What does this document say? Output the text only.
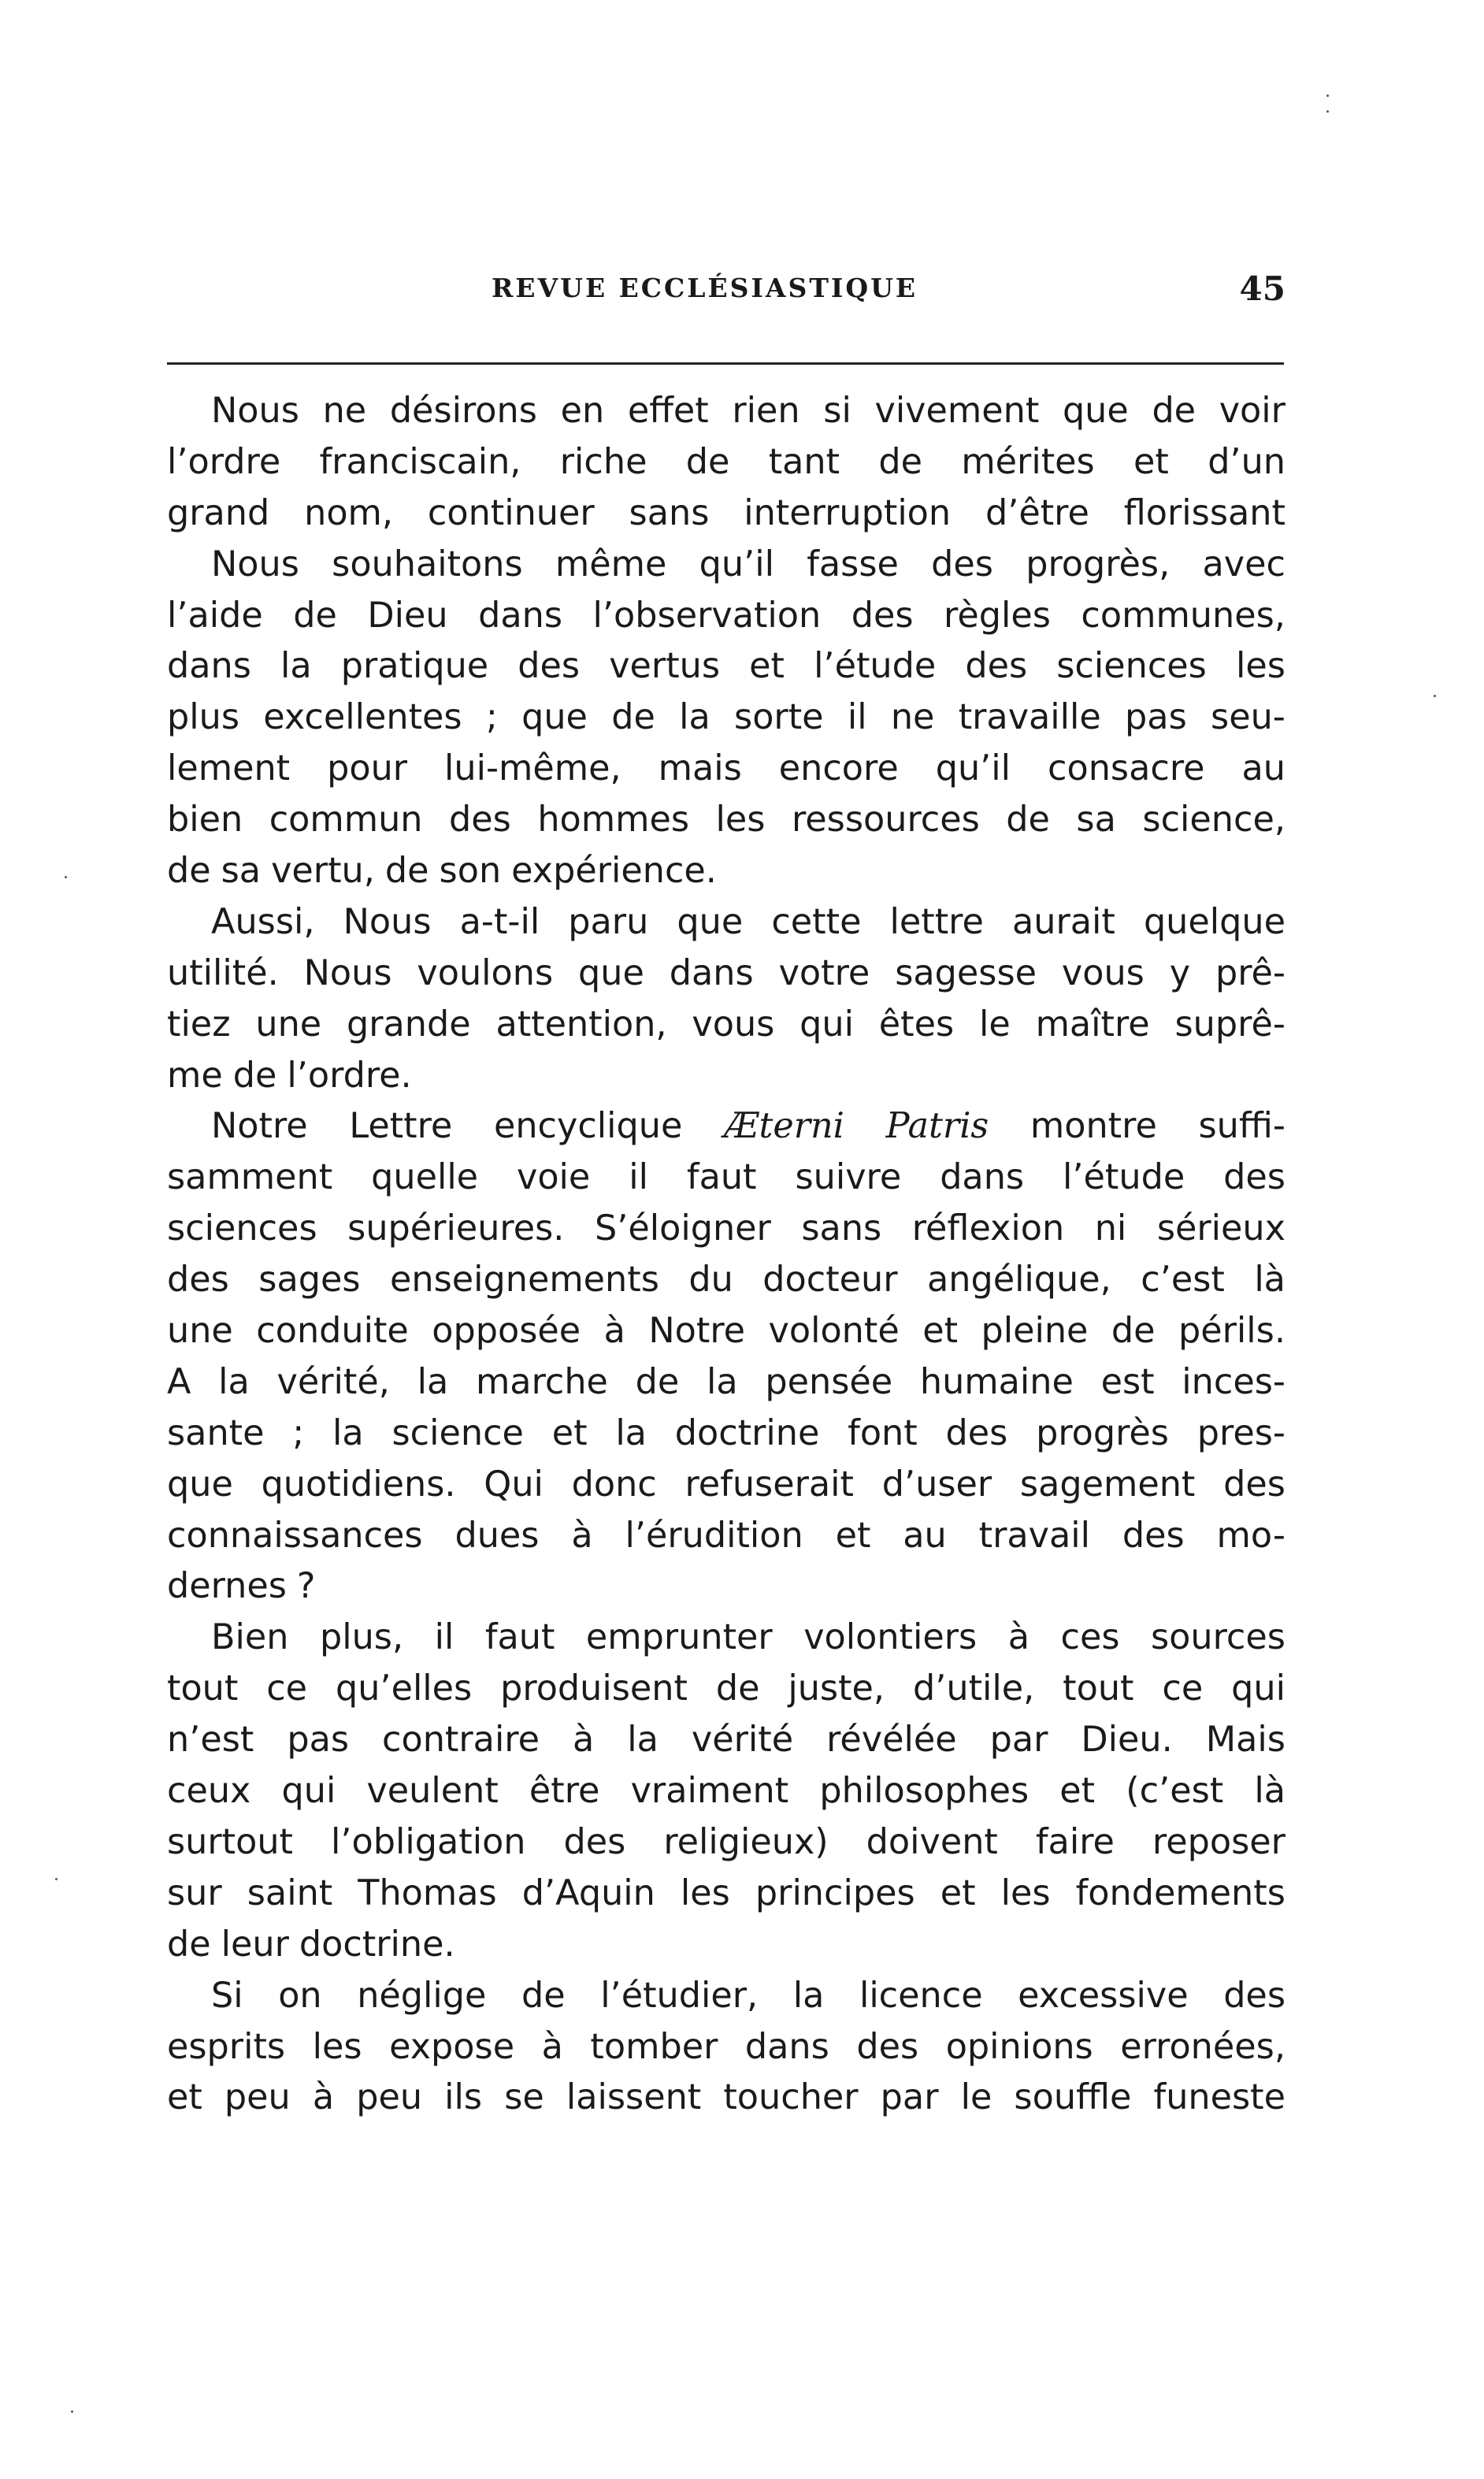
REVUE ECCLÉSIASTIQUE	45
Nous ne désirons en effet rien si vivement que de voir
l’ordre franciscain, riche de tant de mérites et d’un
grand nom, continuer sans interruption d’être florissant
Nous souhaitons même qu’il fasse des progrès, avec
l’aide de Dieu dans l’observation des règles communes,
dans la pratique des vertus et l’étude des sciences les
plus excellentes ; que de la sorte il ne travaille pas seu-
lement pour lui-même, mais encore qu’il consacre au
bien commun des hommes les ressources de sa science,
de sa vertu, de son expérience.
Aussi, Nous a-t-il paru que cette lettre aurait quelque
utilité. Nous voulons que dans votre sagesse vous y prê-
tiez une grande attention, vous qui êtes le maître suprê-
me de l’ordre.
Notre Lettre encyclique Æterni Patris montre suffi-
samment quelle voie il faut suivre dans l’étude des
sciences supérieures. S’éloigner sans réflexion ni sérieux
des sages enseignements du docteur angélique, c’est là
une conduite opposée à Notre volonté et pleine de périls.
A la vérité, la marche de la pensée humaine est inces-
sante ; la science et la doctrine font des progrès pres-
que quotidiens. Qui donc refuserait d’user sagement des
connaissances dues à l’érudition et au travail des mo-
dernes ?
Bien plus, il faut emprunter volontiers à ces sources
tout ce qu’elles produisent de juste, d’utile, tout ce qui
n’est pas contraire à la vérité révélée par Dieu. Mais
ceux qui veulent être vraiment philosophes et (c’est là
surtout l’obligation des religieux) doivent faire reposer
sur saint Thomas d’Aquin les principes et les fondements
de leur doctrine.
Si on néglige de l’étudier, la licence excessive des
esprits les expose à tomber dans des opinions erronées,
et peu à peu ils se laissent toucher par le souffle funeste
